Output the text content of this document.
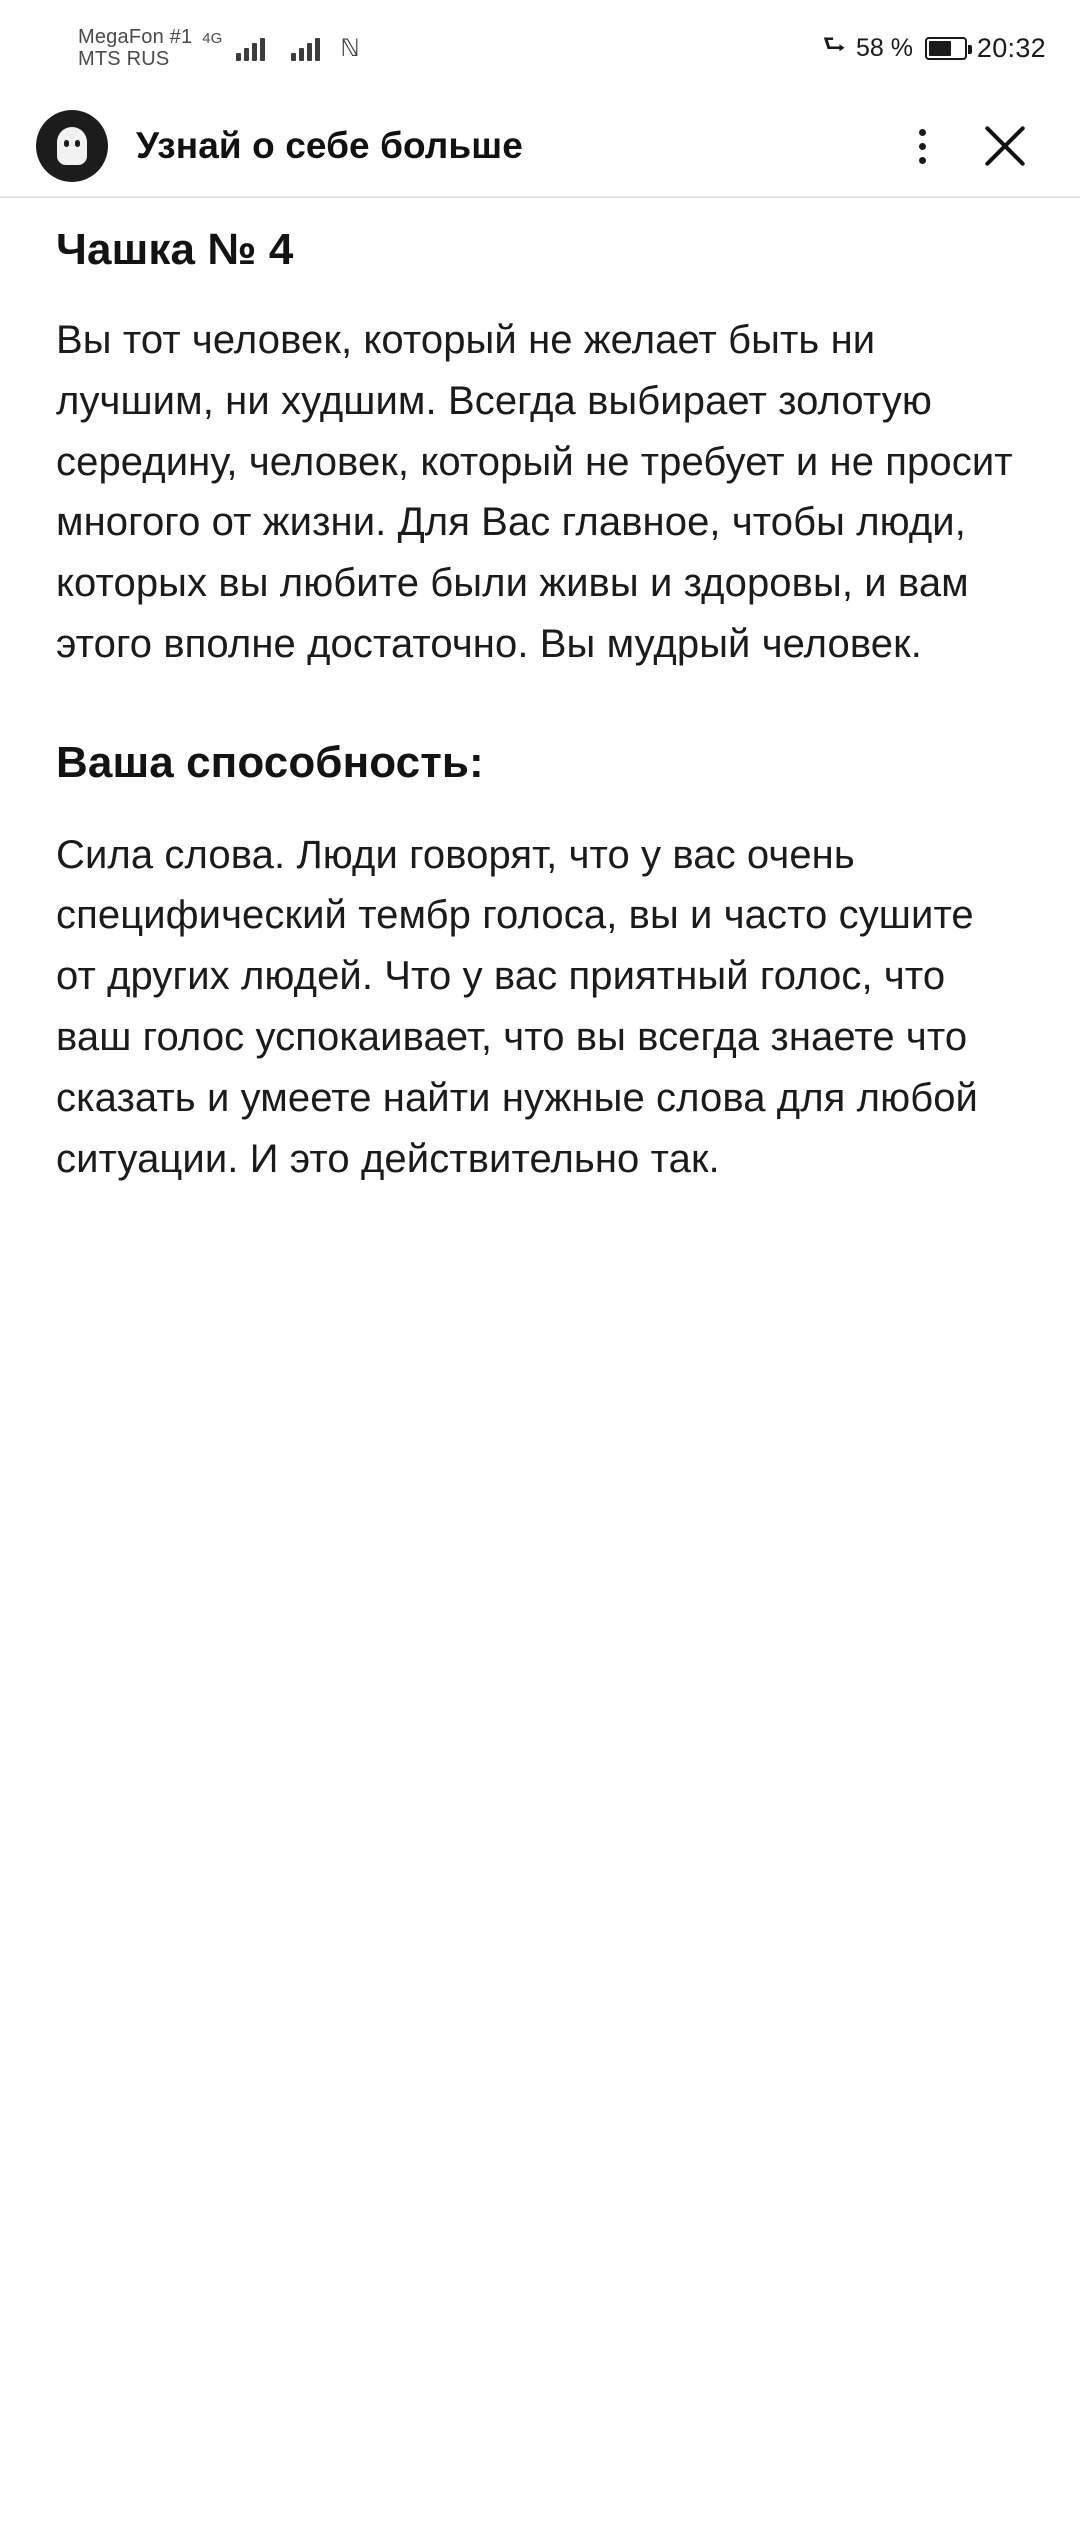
MegaFon #1
MTS RUS
4G	ℕ	⮑ 58 % 20:32
Узнай о себе больше
Чашка № 4

Вы тот человек, который не желает быть ни лучшим, ни худшим. Всегда выбирает золотую середину, человек, который не требует и не просит многого от жизни. Для Вас главное, чтобы люди, которых вы любите были живы и здоровы, и вам этого вполне достаточно. Вы мудрый человек.

Ваша способность:

Сила слова. Люди говорят, что у вас очень специфический тембр голоса, вы и часто сушите от других людей. Что у вас приятный голос, что ваш голос успокаивает, что вы всегда знаете что сказать и умеете найти нужные слова для любой ситуации. И это действительно так.
